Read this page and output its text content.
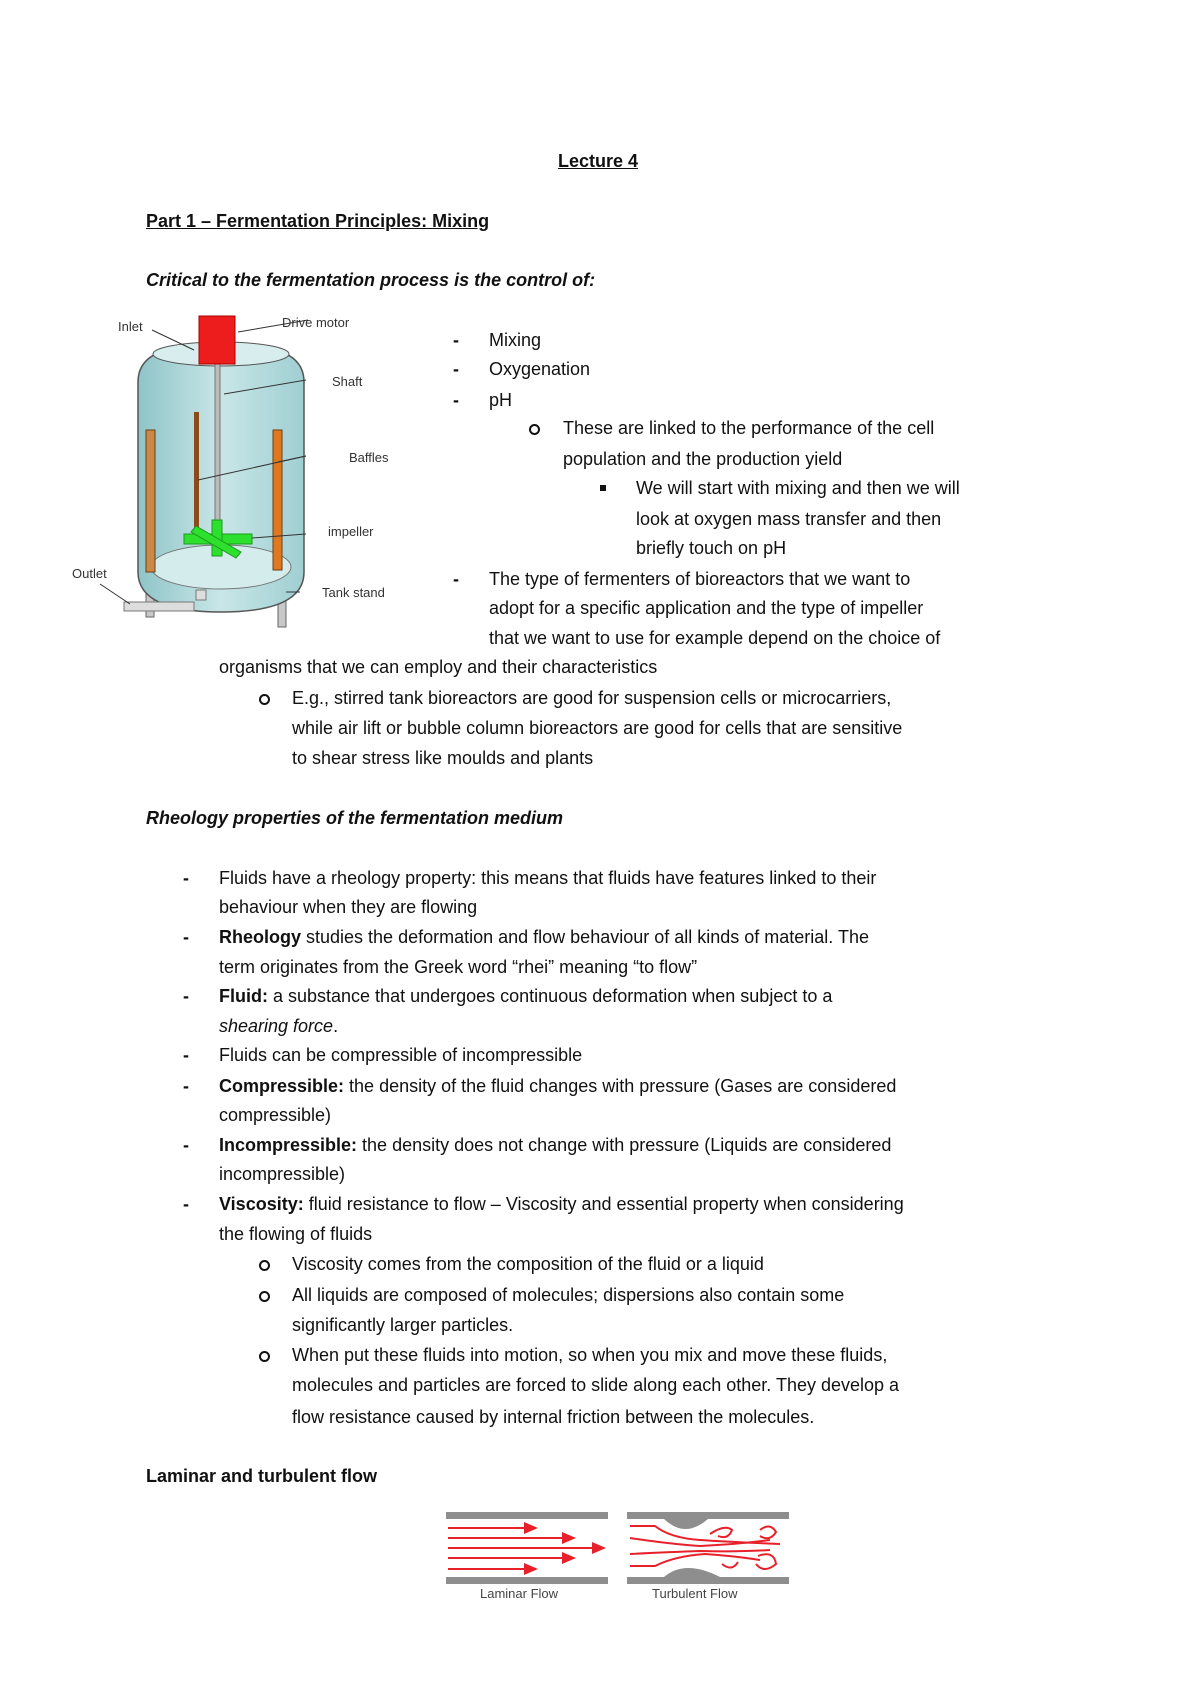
Lecture 4
Part 1 – Fermentation Principles: Mixing
Critical to the fermentation process is the control of:
Inlet	Drive motor
Shaft
Baffles
impeller
Outlet
Tank stand
- Mixing
- Oxygenation
- pH
These are linked to the performance of the cell
population and the production yield
We will start with mixing and then we will
look at oxygen mass transfer and then
briefly touch on pH
- The type of fermenters of bioreactors that we want to
adopt for a specific application and the type of impeller
that we want to use for example depend on the choice of
organisms that we can employ and their characteristics
E.g., stirred tank bioreactors are good for suspension cells or microcarriers,
while air lift or bubble column bioreactors are good for cells that are sensitive
to shear stress like moulds and plants
Rheology properties of the fermentation medium
- Fluids have a rheology property: this means that fluids have features linked to their
behaviour when they are flowing
- Rheology studies the deformation and flow behaviour of all kinds of material. The
term originates from the Greek word “rhei” meaning “to flow”
- Fluid: a substance that undergoes continuous deformation when subject to a
shearing force.
- Fluids can be compressible of incompressible
- Compressible: the density of the fluid changes with pressure (Gases are considered
compressible)
- Incompressible: the density does not change with pressure (Liquids are considered
incompressible)
- Viscosity: fluid resistance to flow – Viscosity and essential property when considering
the flowing of fluids
Viscosity comes from the composition of the fluid or a liquid
All liquids are composed of molecules; dispersions also contain some
significantly larger particles.
When put these fluids into motion, so when you mix and move these fluids,
molecules and particles are forced to slide along each other. They develop a
flow resistance caused by internal friction between the molecules.
Laminar and turbulent flow
Laminar Flow	Turbulent Flow
